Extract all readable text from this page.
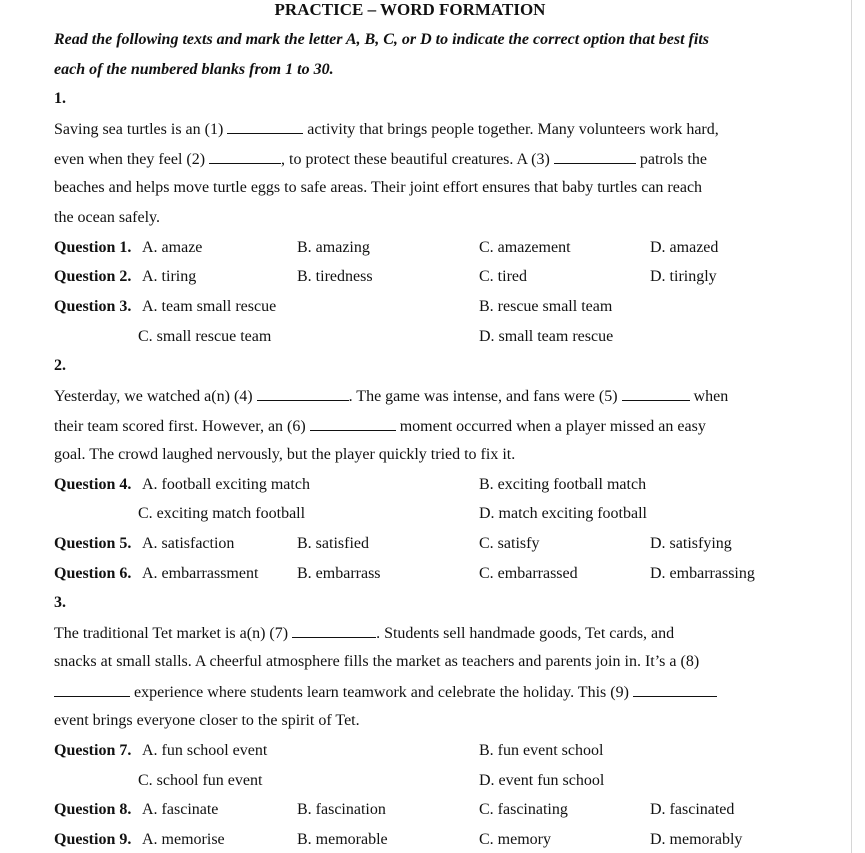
PRACTICE – WORD FORMATION
Read the following texts and mark the letter A, B, C, or D to indicate the correct option that best fits
each of the numbered blanks from 1 to 30.
1.
Saving sea turtles is an (1)	activity that brings people together. Many volunteers work hard,
even when they feel (2)	, to protect these beautiful creatures. A (3)	patrols the
beaches and helps move turtle eggs to safe areas. Their joint effort ensures that baby turtles can reach
the ocean safely.
Question 1. A. amaze	B. amazing	C. amazement	D. amazed
Question 2. A. tiring	B. tiredness	C. tired	D. tiringly
Question 3. A. team small rescue	B. rescue small team
C. small rescue team	D. small team rescue
2.
Yesterday, we watched a(n) (4)	. The game was intense, and fans were (5)	when
their team scored first. However, an (6)	moment occurred when a player missed an easy
goal. The crowd laughed nervously, but the player quickly tried to fix it.
Question 4. A. football exciting match	B. exciting football match
C. exciting match football	D. match exciting football
Question 5. A. satisfaction	B. satisfied	C. satisfy	D. satisfying
Question 6. A. embarrassment B. embarrass	C. embarrassed	D. embarrassing
3.
The traditional Tet market is a(n) (7)	. Students sell handmade goods, Tet cards, and
snacks at small stalls. A cheerful atmosphere fills the market as teachers and parents join in. It’s a (8)
experience where students learn teamwork and celebrate the holiday. This (9)
event brings everyone closer to the spirit of Tet.
Question 7. A. fun school event	B. fun event school
C. school fun event	D. event fun school
Question 8. A. fascinate	B. fascination	C. fascinating	D. fascinated
Question 9. A. memorise	B. memorable	C. memory	D. memorably
